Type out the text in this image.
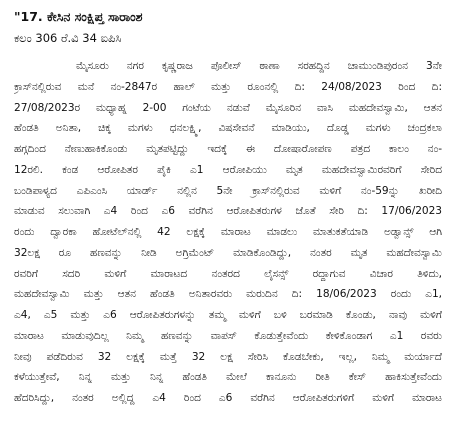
"17. ಕೇಸಿನ ಸಂಕ್ಷಿಪ್ತ ಸಾರಾಂಶ
ಕಲಂ 306 ರೆ.ವಿ 34 ಐಪಿಸಿ
ಮೈಸೂರು ನಗರ ಕೃಷ್ಣರಾಜ ಪೊಲೀಸ್ ಠಾಣಾ ಸರಹದ್ದಿನ ಚಾಮುಂಡಿಪುರಂನ 3ನೇ
ಕ್ರಾಸ್‌ನಲ್ಲಿರುವ ಮನೆ ನಂ-2847ರ ಹಾಲ್ ಮತ್ತು ರೂಂನಲ್ಲಿ ದಿ: 24/08/2023 ರಿಂದ ದಿ:
27/08/2023ರ ಮಧ್ಯಾಹ್ನ 2-00 ಗಂಟೆಯ ನಡುವೆ ಮೈಸೂರಿನ ವಾಸಿ ಮಹದೇವಸ್ವಾಮಿ, ಆತನ
ಹೆಂಡತಿ ಅನಿತಾ, ಚಿಕ್ಕ ಮಗಳು ಧನಲಕ್ಷ್ಮಿ, ವಿಷಸೇವನೆ ಮಾಡಿಯು, ದೊಡ್ಡ ಮಗಳು ಚಂದ್ರಕಲಾ
ಹಗ್ಗದಿಂದ ನೇಣುಹಾಕಿಕೊಂಡು ಮೃತಪಟ್ಟಿದ್ದು ಇದಕ್ಕೆ ಈ ದೋಷಾರೋಪಣ ಪತ್ರದ ಕಾಲಂ ನಂ-
12ರಲಿ. ಕಂಡ ಆರೋಪಿತರ ಪೈಕಿ ಎ1 ಆರೋಪಿಯು ಮೃತ ಮಹದೇವಸ್ವಾಮಿರವರಿಗೆ ಸೇರಿದ
ಬಂಡಿಪಾಳ್ಯದ ಎಪಿಎಂಸಿ ಯಾರ್ಡ್ ನಲ್ಲಿನ 5ನೇ ಕ್ರಾಸ್‌ನಲ್ಲಿರುವ ಮಳಿಗೆ ನಂ-59ನ್ನು ಖರೀದಿ
ಮಾಡುವ ಸಲುವಾಗಿ ಎ4 ರಿಂದ ಎ6 ವರೆಗಿನ ಆರೋಪಿತರುಗಳ ಜೊತೆ ಸೇರಿ ದಿ: 17/06/2023
ರಂದು ದ್ವಾರಕಾ ಹೋಟೆಲ್‌ನಲ್ಲಿ 42 ಲಕ್ಷಕ್ಕೆ ಮಾರಾಟ ಮಾಡಲು ಮಾತುಕತೆಯಾಡಿ ಅಡ್ವಾನ್ಸ್ ಆಗಿ
32ಲಕ್ಷ ರೂ ಹಣವನ್ನು ನೀಡಿ ಅಗ್ರಿಮೆಂಟ್ ಮಾಡಿಕೊಂಡಿದ್ದು, ನಂತರ ಮೃತ ಮಹದೇವಸ್ವಾಮಿ
ರವರಿಗೆ ಸದರಿ ಮಳಿಗೆ ಮಾರಾಟದ ನಂತರದ ಲೈಸನ್ಸ್ ರದ್ದಾಗುವ ವಿಚಾರ ತಿಳಿದು,
ಮಹದೇವಸ್ವಾಮಿ ಮತ್ತು ಆತನ ಹೆಂಡತಿ ಅನಿತಾರವರು ಮರುದಿನ ದಿ: 18/06/2023 ರಂದು ಎ1,
ಎ4, ಎ5 ಮತ್ತು ಎ6 ಆರೋಪಿತರುಗಳನ್ನು ತಮ್ಮ ಮಳಿಗೆ ಬಳಿ ಬರಮಾಡಿ ಕೊಂಡು, ನಾವು ಮಳಿಗೆ
ಮಾರಾಟ ಮಾಡುವುದಿಲ್ಲ ನಿಮ್ಮ ಹಣವನ್ನು ವಾಪಸ್ ಕೊಡುತ್ತೇವೆಂದು ಕೇಳಿಕೊಂಡಾಗ ಎ1 ರವರು
ನೀವು ಪಡೆದಿರುವ 32 ಲಕ್ಷಕ್ಕೆ ಮತ್ತೆ 32 ಲಕ್ಷ ಸೇರಿಸಿ ಕೊಡಬೇಕು, ಇಲ್ಲ, ನಿಮ್ಮ ಮರ್ಯಾದೆ
ಕಳೆಯುತ್ತೇವೆ, ನಿನ್ನ ಮತ್ತು ನಿನ್ನ ಹೆಂಡತಿ ಮೇಲೆ ಕಾನೂನು ರೀತಿ ಕೇಸ್ ಹಾಕಿಸುತ್ತೇವೆಂದು
ಹೆದರಿಸಿದ್ದು, ನಂತರ ಅಲ್ಲಿದ್ದ ಎ4 ರಿಂದ ಎ6 ವರೆಗಿನ ಆರೋಪಿತರುಗಳಿಗೆ ಮಳಿಗೆ ಮಾರಾಟ
